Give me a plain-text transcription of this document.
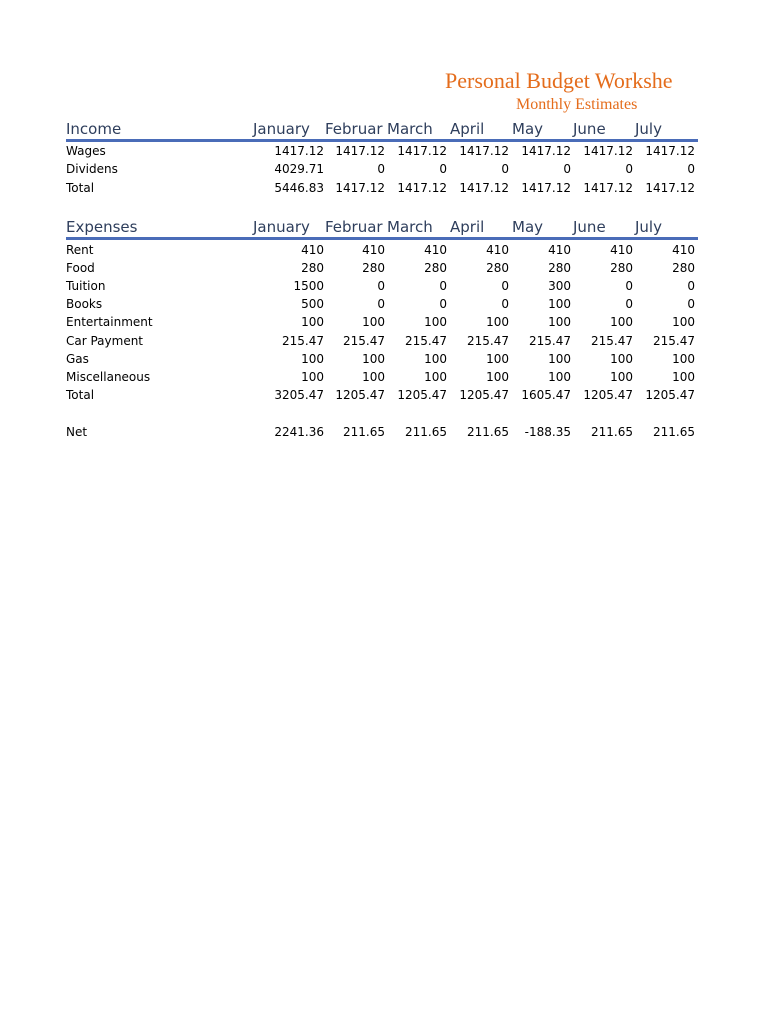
Personal Budget Workshe
Monthly Estimates
Income	January Februar March April May June July
Wages	1417.12 1417.12	1417.12	1417.12	1417.12	1417.12	1417.12
Dividens	4029.71	0	0	0	0	0	0
Total	5446.83 1417.12	1417.12	1417.12	1417.12	1417.12	1417.12
Expenses	January Februar March April May June July
Rent	410	410	410	410	410	410	410
Food	280	280	280	280	280	280	280
Tuition	1500	0	0	0	300	0	0
Books	500	0	0	0	100	0	0
Entertainment	100	100	100	100	100	100	100
Car Payment	215.47	215.47	215.47	215.47	215.47	215.47	215.47
Gas	100	100	100	100	100	100	100
Miscellaneous	100	100	100	100	100	100	100
Total	3205.47 1205.47	1205.47	1205.47	1605.47	1205.47	1205.47
Net	2241.36	211.65	211.65	211.65	-188.35	211.65	211.65
